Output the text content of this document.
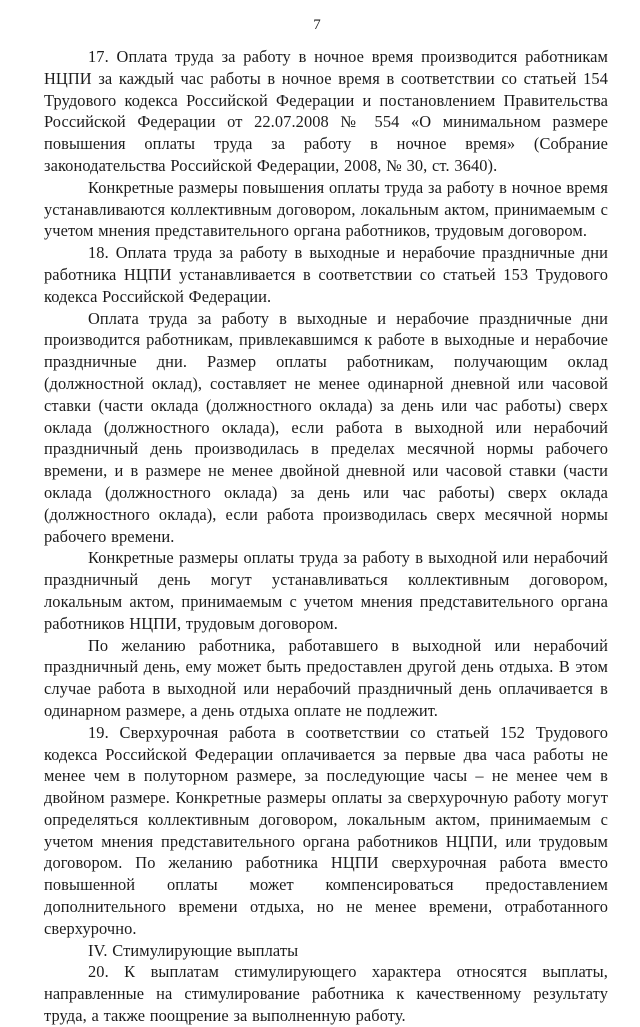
7

17. Оплата труда за работу в ночное время производится работникам НЦПИ за каждый час работы в ночное время в соответствии со статьей 154 Трудового кодекса Российской Федерации и постановлением Правительства Российской Федерации от 22.07.2008 № 554 «О минимальном размере повышения оплаты труда за работу в ночное время» (Собрание законодательства Российской Федерации, 2008, № 30, ст. 3640).

Конкретные размеры повышения оплаты труда за работу в ночное время устанавливаются коллективным договором, локальным актом, принимаемым с учетом мнения представительного органа работников, трудовым договором.

18. Оплата труда за работу в выходные и нерабочие праздничные дни работника НЦПИ устанавливается в соответствии со статьей 153 Трудового кодекса Российской Федерации.

Оплата труда за работу в выходные и нерабочие праздничные дни производится работникам, привлекавшимся к работе в выходные и нерабочие праздничные дни. Размер оплаты работникам, получающим оклад (должностной оклад), составляет не менее одинарной дневной или часовой ставки (части оклада (должностного оклада) за день или час работы) сверх оклада (должностного оклада), если работа в выходной или нерабочий праздничный день производилась в пределах месячной нормы рабочего времени, и в размере не менее двойной дневной или часовой ставки (части оклада (должностного оклада) за день или час работы) сверх оклада (должностного оклада), если работа производилась сверх месячной нормы рабочего времени.

Конкретные размеры оплаты труда за работу в выходной или нерабочий праздничный день могут устанавливаться коллективным договором, локальным актом, принимаемым с учетом мнения представительного органа работников НЦПИ, трудовым договором.

По желанию работника, работавшего в выходной или нерабочий праздничный день, ему может быть предоставлен другой день отдыха. В этом случае работа в выходной или нерабочий праздничный день оплачивается в одинарном размере, а день отдыха оплате не подлежит.

19. Сверхурочная работа в соответствии со статьей 152 Трудового кодекса Российской Федерации оплачивается за первые два часа работы не менее чем в полуторном размере, за последующие часы – не менее чем в двойном размере. Конкретные размеры оплаты за сверхурочную работу могут определяться коллективным договором, локальным актом, принимаемым с учетом мнения представительного органа работников НЦПИ, или трудовым договором. По желанию работника НЦПИ сверхурочная работа вместо повышенной оплаты может компенсироваться предоставлением дополнительного времени отдыха, но не менее времени, отработанного сверхурочно.

IV. Стимулирующие выплаты

20. К выплатам стимулирующего характера относятся выплаты, направленные на стимулирование работника к качественному результату труда, а также поощрение за выполненную работу.
